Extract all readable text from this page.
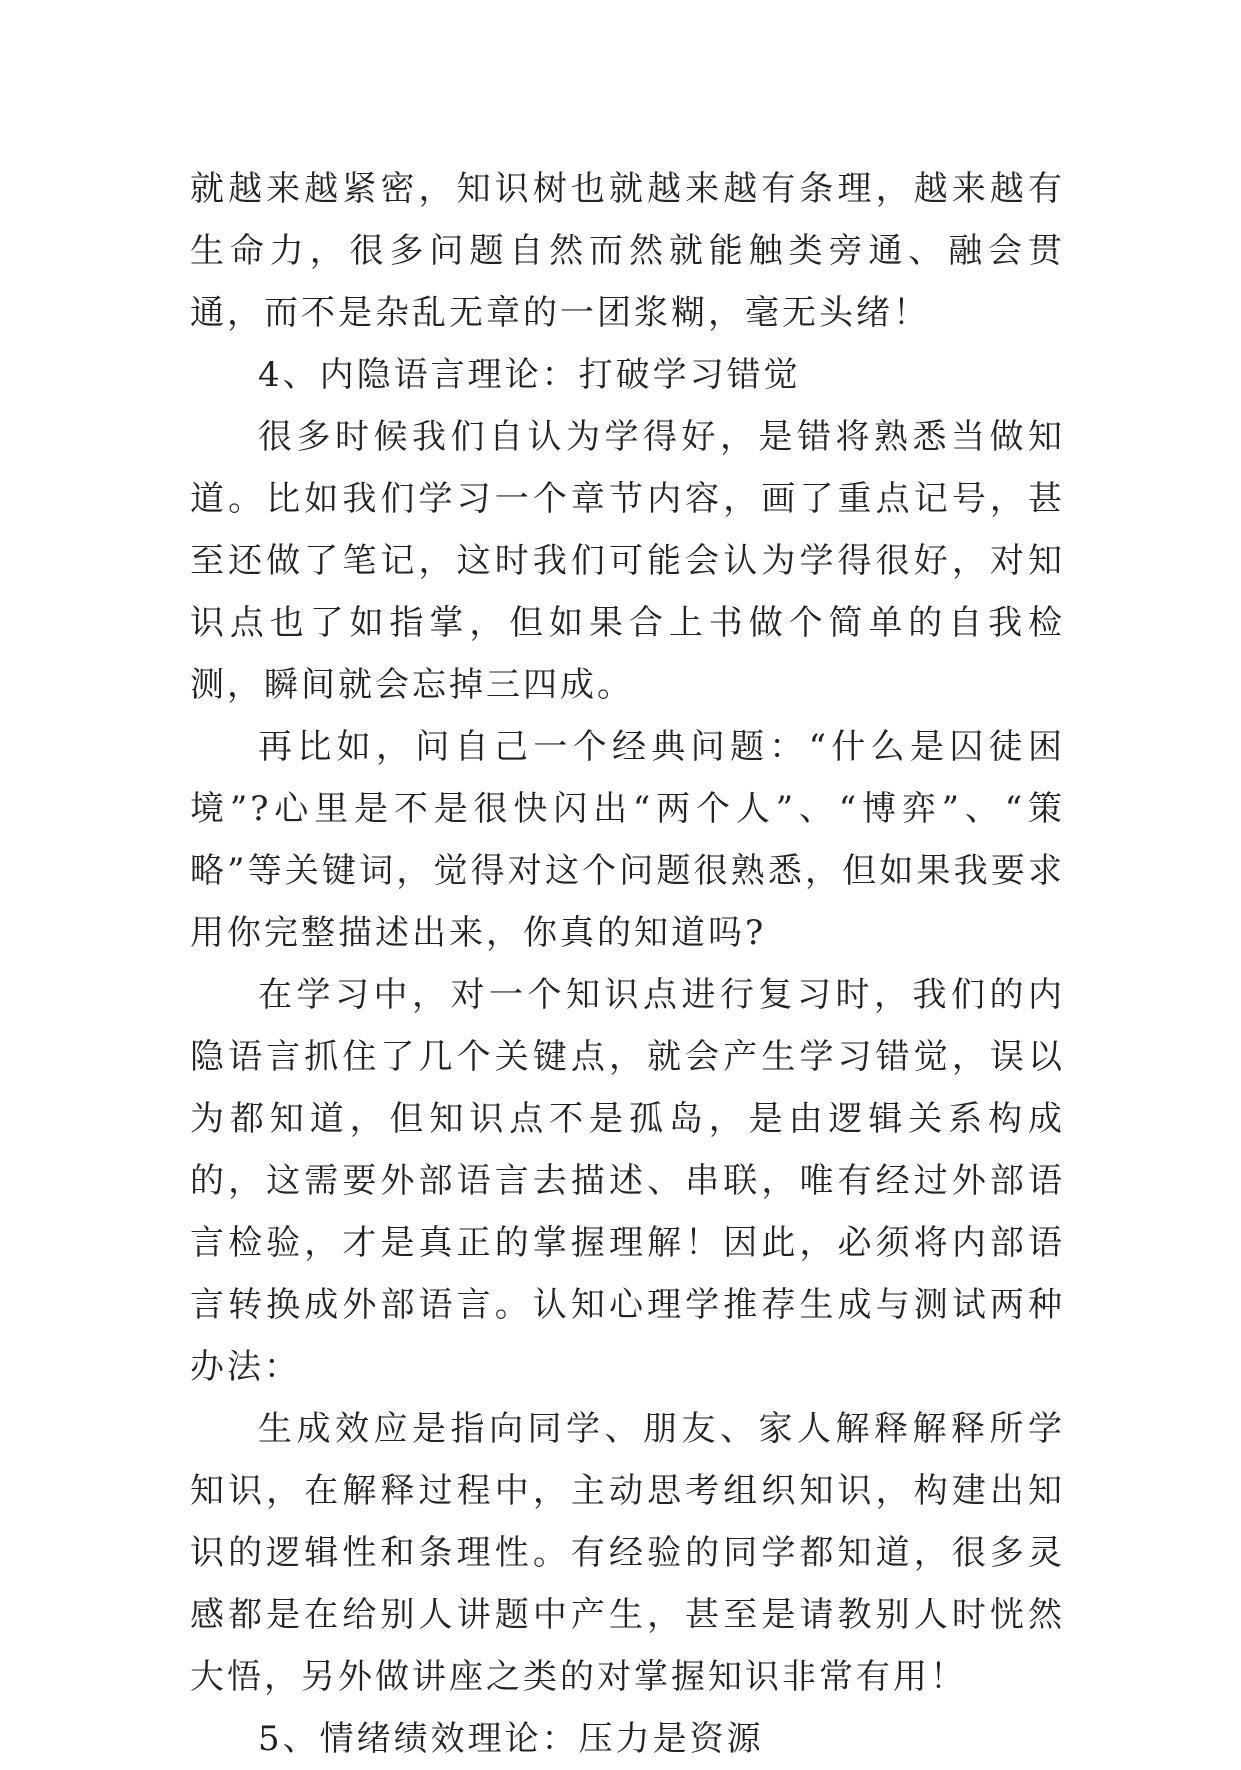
就越来越紧密，知识树也就越来越有条理，越来越有生命力，很多问题自然而然就能触类旁通、融会贯通，而不是杂乱无章的一团浆糊，毫无头绪！

4、内隐语言理论：打破学习错觉

很多时候我们自认为学得好，是错将熟悉当做知道。比如我们学习一个章节内容，画了重点记号，甚至还做了笔记，这时我们可能会认为学得很好，对知识点也了如指掌，但如果合上书做个简单的自我检测，瞬间就会忘掉三四成。

再比如，问自己一个经典问题：“什么是囚徒困境”?心里是不是很快闪出“两个人”、“博弈”、“策略”等关键词，觉得对这个问题很熟悉，但如果我要求用你完整描述出来，你真的知道吗?

在学习中，对一个知识点进行复习时，我们的内隐语言抓住了几个关键点，就会产生学习错觉，误以为都知道，但知识点不是孤岛，是由逻辑关系构成的，这需要外部语言去描述、串联，唯有经过外部语言检验，才是真正的掌握理解！因此，必须将内部语言转换成外部语言。认知心理学推荐生成与测试两种办法：

生成效应是指向同学、朋友、家人解释解释所学知识，在解释过程中，主动思考组织知识，构建出知识的逻辑性和条理性。有经验的同学都知道，很多灵感都是在给别人讲题中产生，甚至是请教别人时恍然大悟，另外做讲座之类的对掌握知识非常有用！

5、情绪绩效理论：压力是资源
